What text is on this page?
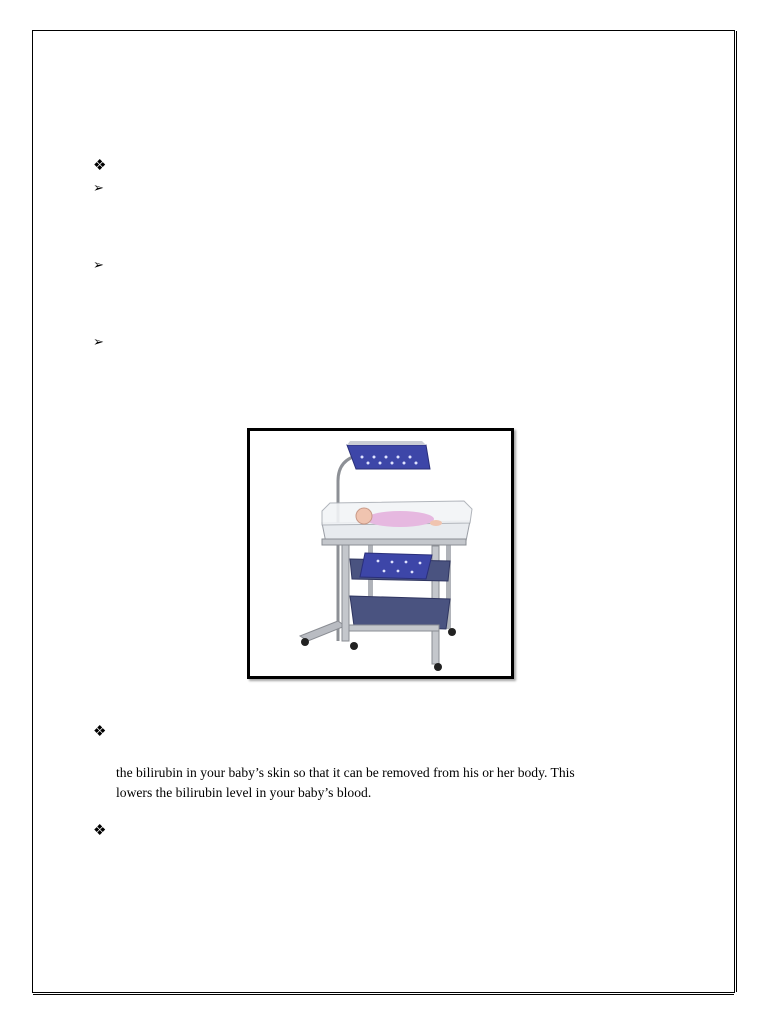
❖
➢
➢
➢
❖

the bilirubin in your baby’s skin so that it can be removed from his or her body. This

lowers the bilirubin level in your baby’s blood.

❖
